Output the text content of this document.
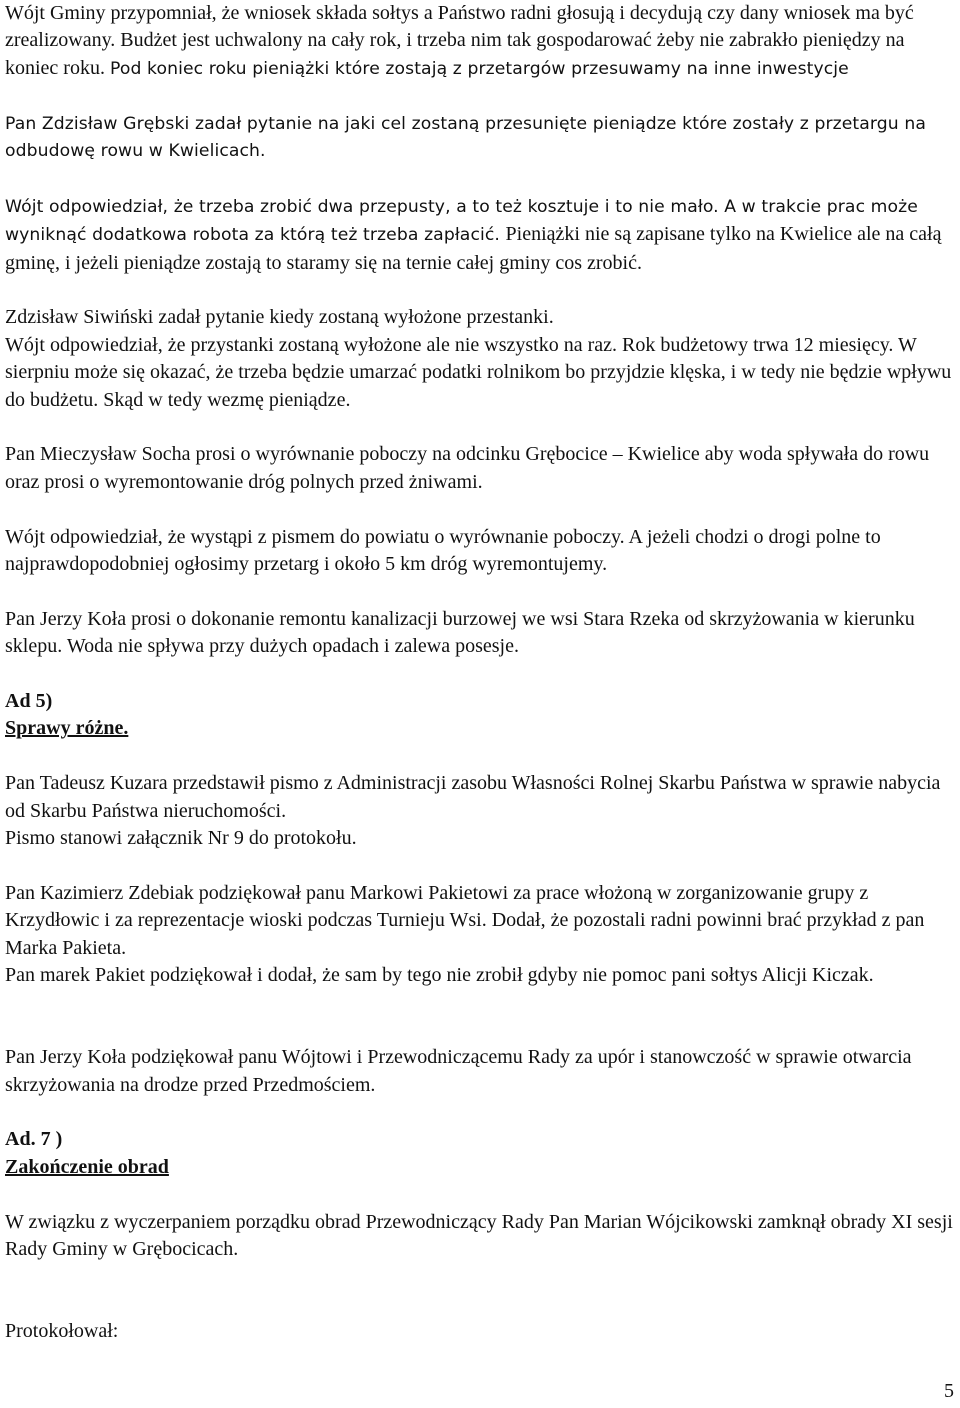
Wójt Gminy przypomniał, że wniosek składa sołtys a Państwo radni głosują i decydują czy dany wniosek ma być zrealizowany. Budżet jest uchwalony na cały rok, i trzeba nim tak gospodarować żeby nie zabrakło pieniędzy na koniec roku. Pod koniec roku pieniążki które zostają z przetargów przesuwamy na inne inwestycje

Pan Zdzisław Grębski zadał pytanie na jaki cel zostaną przesunięte pieniądze które zostały z przetargu na odbudowę rowu w Kwielicach.

Wójt odpowiedział, że trzeba zrobić dwa przepusty, a to też kosztuje i to nie mało. A w trakcie prac może wyniknąć dodatkowa robota za którą też trzeba zapłacić. Pieniążki nie są zapisane tylko na Kwielice ale na całą gminę, i jeżeli pieniądze zostają to staramy się na ternie całej gminy cos zrobić.

Zdzisław Siwiński zadał pytanie kiedy zostaną wyłożone przestanki.

Wójt odpowiedział, że przystanki zostaną wyłożone ale nie wszystko na raz. Rok budżetowy trwa 12 miesięcy. W sierpniu może się okazać, że trzeba będzie umarzać podatki rolnikom bo przyjdzie klęska, i w tedy nie będzie wpływu do budżetu. Skąd w tedy wezmę pieniądze.

Pan Mieczysław Socha prosi o wyrównanie poboczy na odcinku Grębocice – Kwielice aby woda spływała do rowu oraz prosi o wyremontowanie dróg polnych przed żniwami.

Wójt odpowiedział, że wystąpi z pismem do powiatu o wyrównanie poboczy. A jeżeli chodzi o drogi polne to najprawdopodobniej ogłosimy przetarg i około 5 km dróg wyremontujemy.

Pan Jerzy Koła prosi o dokonanie remontu kanalizacji burzowej we wsi Stara Rzeka od skrzyżowania w kierunku sklepu. Woda nie spływa przy dużych opadach i zalewa posesje.

Ad 5)

Sprawy różne.

Pan Tadeusz Kuzara przedstawił pismo z Administracji zasobu Własności Rolnej Skarbu Państwa w sprawie nabycia od Skarbu Państwa nieruchomości.

Pismo stanowi załącznik Nr 9 do protokołu.

Pan Kazimierz Zdebiak podziękował panu Markowi Pakietowi za prace włożoną w zorganizowanie grupy z Krzydłowic i za reprezentacje wioski podczas Turnieju Wsi. Dodał, że pozostali radni powinni brać przykład z pan Marka Pakieta.

Pan marek Pakiet podziękował i dodał, że sam by tego nie zrobił gdyby nie pomoc pani sołtys Alicji Kiczak.

Pan Jerzy Koła podziękował panu Wójtowi i Przewodniczącemu Rady za upór i stanowczość w sprawie otwarcia skrzyżowania na drodze przed Przedmościem.

Ad. 7 )

Zakończenie obrad

W związku z wyczerpaniem porządku obrad Przewodniczący Rady Pan Marian Wójcikowski zamknął obrady XI sesji Rady Gminy w Grębocicach.

Protokołował:

5
